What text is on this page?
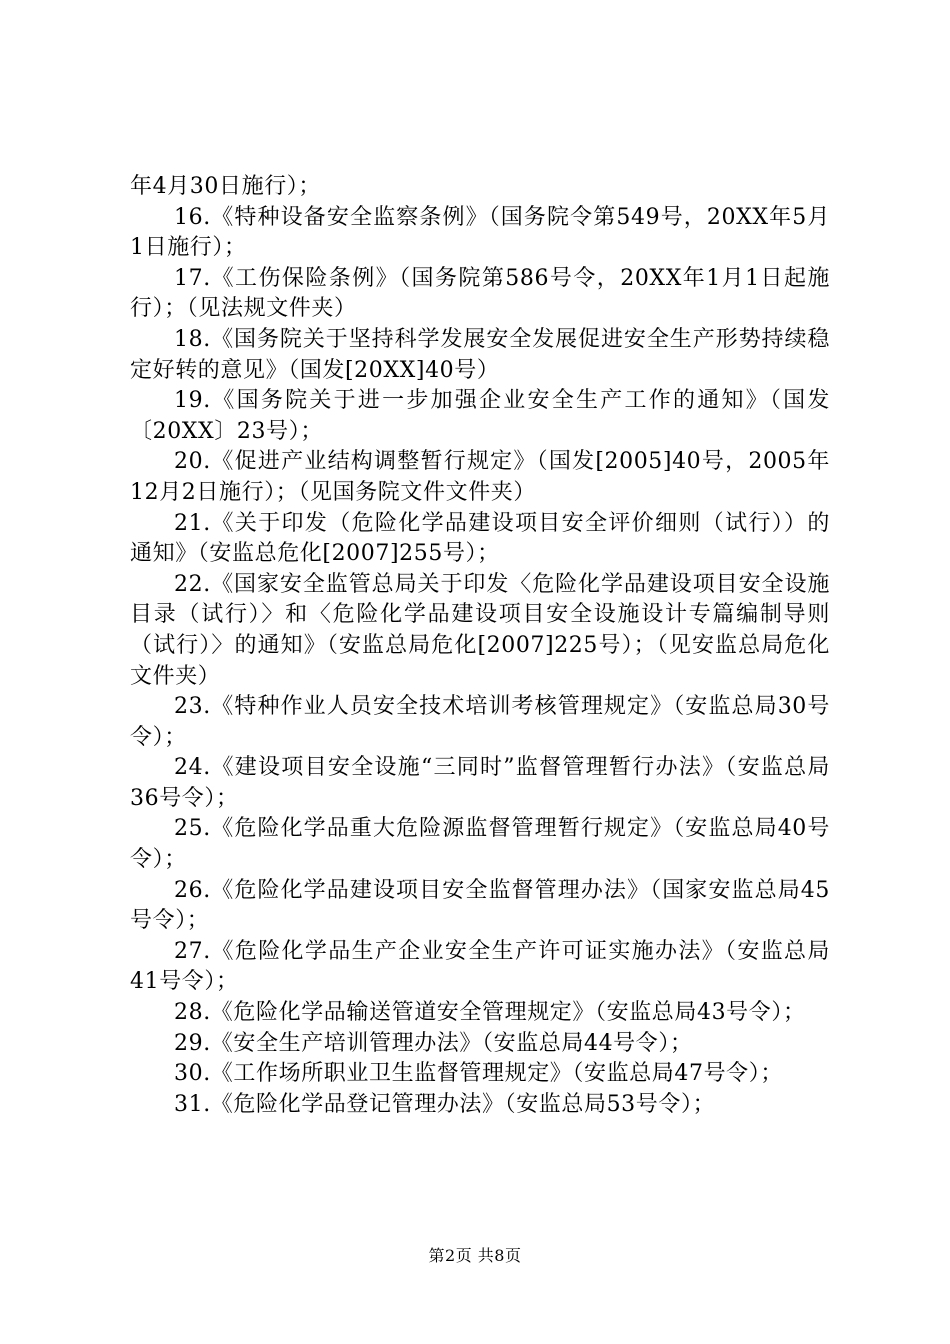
年4月30日施行）；

16.《特种设备安全监察条例》（国务院令第549号，20XX年5月1日施行）；

17.《工伤保险条例》（国务院第586号令，20XX年1月1日起施行）；（见法规文件夹）

18.《国务院关于坚持科学发展安全发展促进安全生产形势持续稳定好转的意见》（国发[20XX]40号）

19.《国务院关于进一步加强企业安全生产工作的通知》（国发〔20XX〕23号）；

20.《促进产业结构调整暂行规定》（国发[2005]40号，2005年12月2日施行）；（见国务院文件文件夹）

21.《关于印发（危险化学品建设项目安全评价细则（试行））的通知》（安监总危化[2007]255号）；

22.《国家安全监管总局关于印发〈危险化学品建设项目安全设施目录（试行）〉和〈危险化学品建设项目安全设施设计专篇编制导则（试行）〉的通知》（安监总局危化[2007]225号）；（见安监总局危化文件夹）

23.《特种作业人员安全技术培训考核管理规定》（安监总局30号令）；

24.《建设项目安全设施“三同时”监督管理暂行办法》（安监总局36号令）；

25.《危险化学品重大危险源监督管理暂行规定》（安监总局40号令）；

26.《危险化学品建设项目安全监督管理办法》（国家安监总局45号令）；

27.《危险化学品生产企业安全生产许可证实施办法》（安监总局41号令）；

28.《危险化学品输送管道安全管理规定》（安监总局43号令）；

29.《安全生产培训管理办法》（安监总局44号令）；

30.《工作场所职业卫生监督管理规定》（安监总局47号令）；

31.《危险化学品登记管理办法》（安监总局53号令）；

第2页 共8页
